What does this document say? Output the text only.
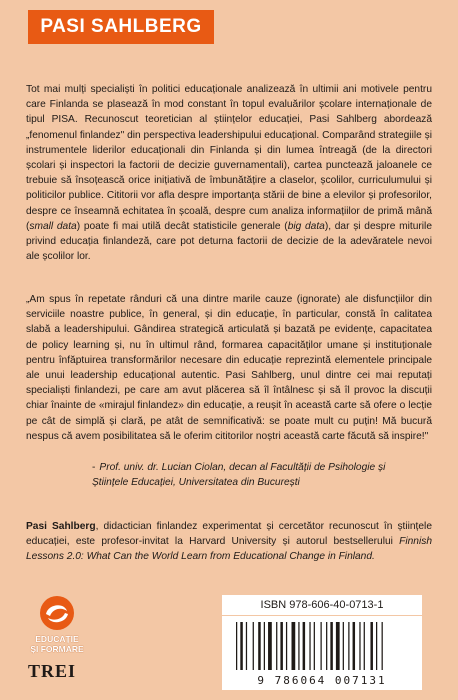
PASI SAHLBERG
Tot mai mulți specialiști în politici educaționale analizează în ultimii ani motivele pentru care Finlanda se plasează în mod constant în topul evaluărilor școlare internaționale de tipul PISA. Recunoscut teoretician al științelor educației, Pasi Sahlberg abordează „fenomenul finlandez" din perspectiva leadershipului educațional. Comparând strategiile și instrumentele liderilor educaționali din Finlanda și din lumea întreagă (de la directori școlari și inspectori la factorii de decizie guvernamentali), cartea punctează jaloanele ce trebuie să însoțească orice inițiativă de îmbunătățire a claselor, școlilor, curriculumului și politicilor publice. Cititorii vor afla despre importanța stării de bine a elevilor și profesorilor, despre ce înseamnă echitatea în școală, despre cum analiza informațiilor de primă mână (small data) poate fi mai utilă decât statisticile generale (big data), dar și despre miturile privind educația finlandeză, care pot deturna factorii de decizie de la adevăratele nevoi ale școlilor lor.
„Am spus în repetate rânduri că una dintre marile cauze (ignorate) ale disfuncțiilor din serviciile noastre publice, în general, și din educație, în particular, constă în calitatea slabă a leadershipului. Gândirea strategică articulată și bazată pe evidențe, capacitatea de policy learning și, nu în ultimul rând, formarea capacităților umane și instituționale pentru înfăptuirea transformărilor necesare din educație reprezintă elementele principale ale unui leadership educațional autentic. Pasi Sahlberg, unul dintre cei mai reputați specialiști finlandezi, pe care am avut plăcerea să îl întâlnesc și să îl provoc la discuții chiar înainte de «mirajul finlandez» din educație, a reușit în această carte să ofere o lecție pe cât de simplă și clară, pe atât de semnificativă: se poate mult cu puțin! Mă bucură nespus că avem posibilitatea să le oferim cititorilor noștri această carte făcută să inspire!"
- Prof. univ. dr. Lucian Ciolan, decan al Facultății de Psihologie și Științele Educației, Universitatea din București
Pasi Sahlberg, didactician finlandez experimentat și cercetător recunoscut în științele educației, este profesor-invitat la Harvard University și autorul bestsellerului Finnish Lessons 2.0: What Can the World Learn from Educational Change in Finland.
EDUCAȚIE
ȘI FORMARE
TREI
ISBN 978-606-40-0713-1
9 786064 007131
